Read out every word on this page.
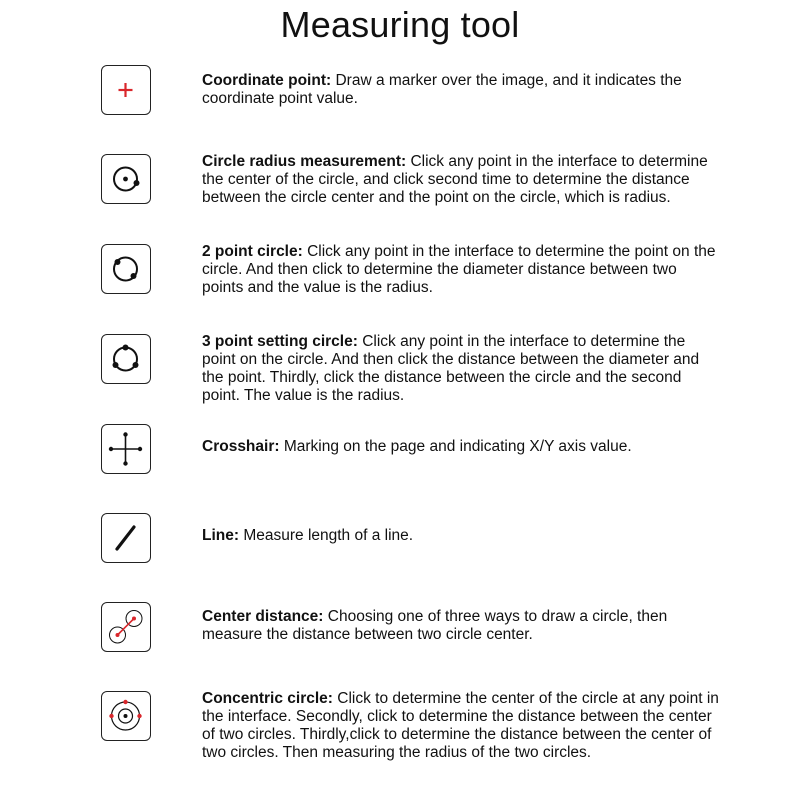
Measuring tool
Coordinate point: Draw a marker over the image, and it indicates the coordinate point value.
Circle radius measurement: Click any point in the interface to determine the center of the circle, and click second time to determine the distance between the circle center and the point on the circle, which is radius.
2 point circle: Click any point in the interface to determine the point on the circle. And then click to determine the diameter distance between two points and the value is the radius.
3 point setting circle: Click any point in the interface to determine the point on the circle. And then click the distance between the diameter and the point. Thirdly, click the distance between the circle and the second point. The value is the radius.
Crosshair: Marking on the page and indicating X/Y axis value.
Line: Measure length of a line.
Center distance: Choosing one of three ways to draw a circle, then measure the distance between two circle center.
Concentric circle: Click to determine the center of the circle at any point in the interface. Secondly, click to determine the distance between the center of two circles. Thirdly,click to determine the distance between the center of two circles. Then measuring the radius of the two circles.
